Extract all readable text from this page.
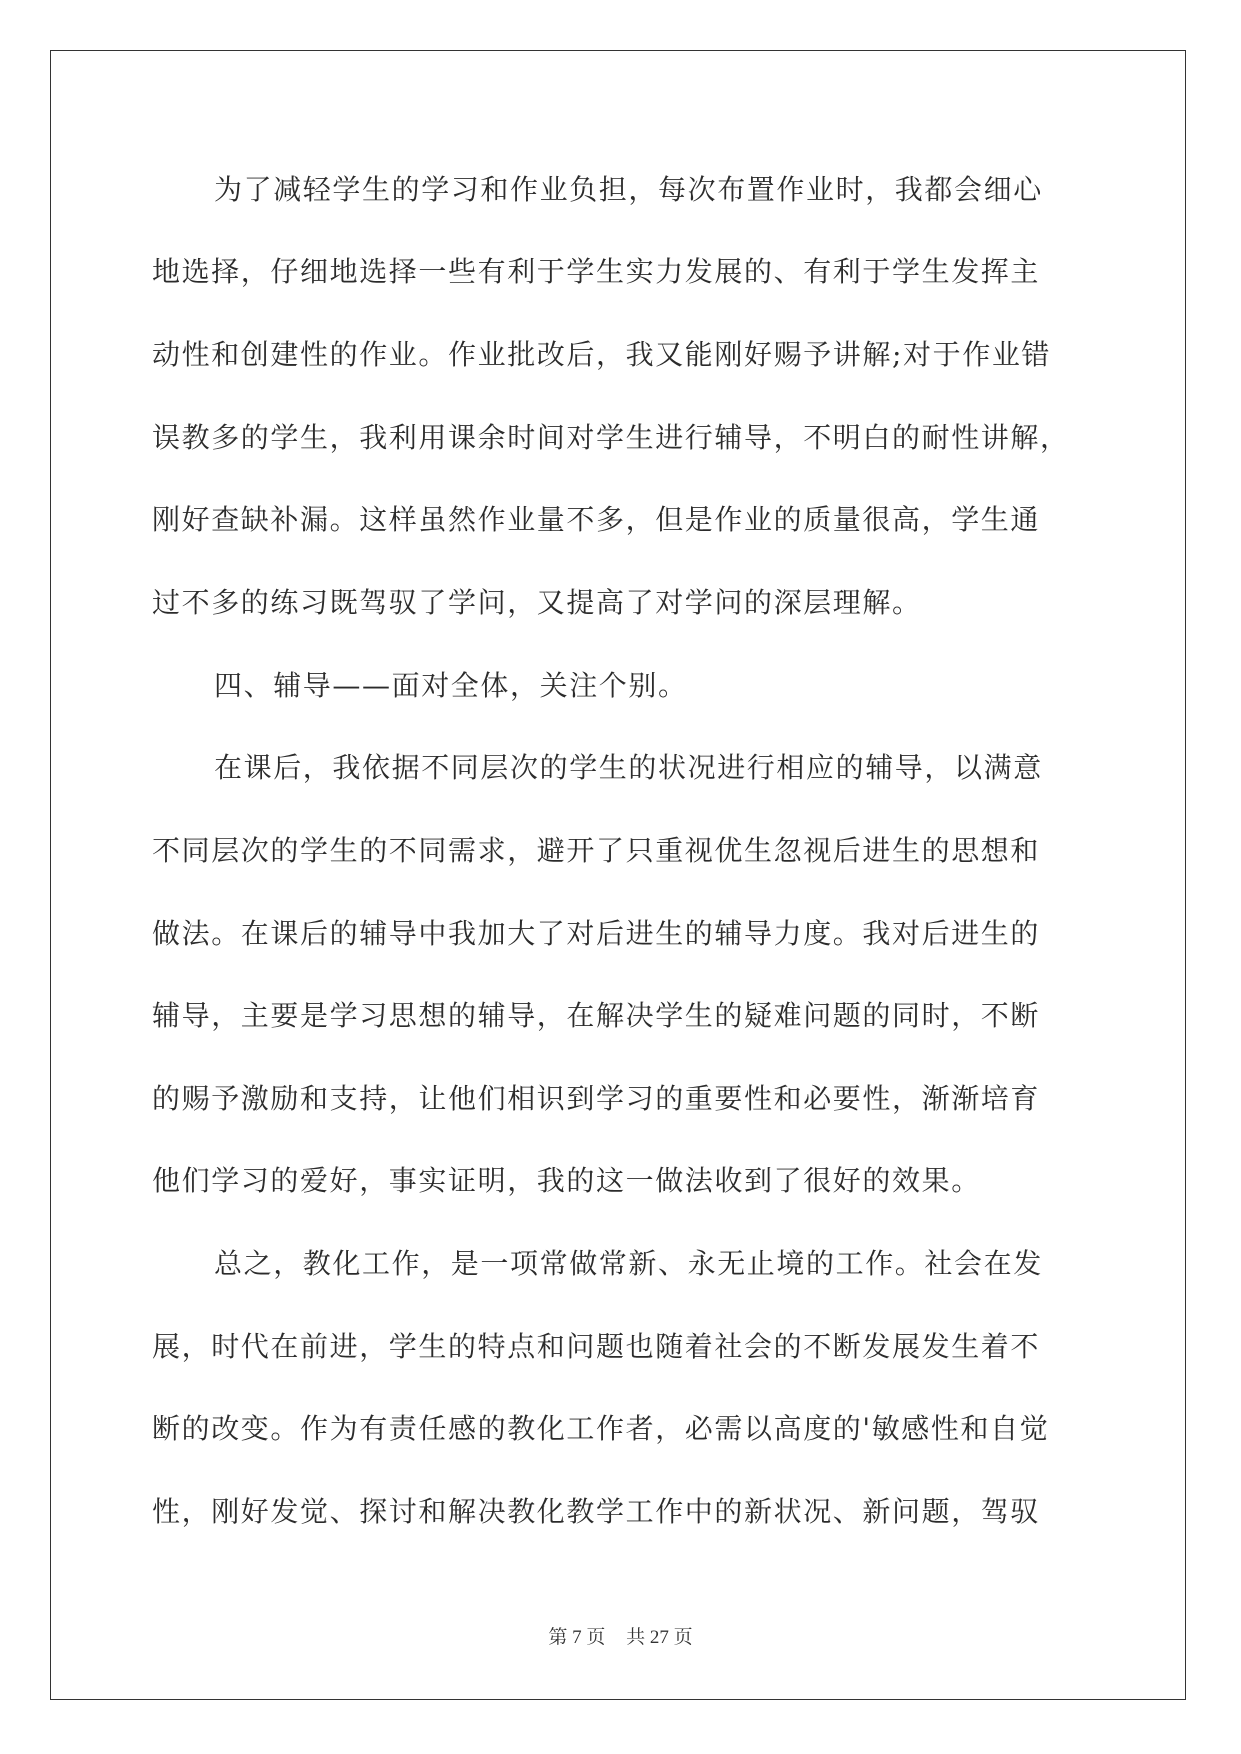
为了减轻学生的学习和作业负担，每次布置作业时，我都会细心
地选择，仔细地选择一些有利于学生实力发展的、有利于学生发挥主
动性和创建性的作业。作业批改后，我又能刚好赐予讲解;对于作业错
误教多的学生，我利用课余时间对学生进行辅导，不明白的耐性讲解，
刚好查缺补漏。这样虽然作业量不多，但是作业的质量很高，学生通
过不多的练习既驾驭了学问，又提高了对学问的深层理解。
四、辅导——面对全体，关注个别。
在课后，我依据不同层次的学生的状况进行相应的辅导，以满意
不同层次的学生的不同需求，避开了只重视优生忽视后进生的思想和
做法。在课后的辅导中我加大了对后进生的辅导力度。我对后进生的
辅导，主要是学习思想的辅导，在解决学生的疑难问题的同时，不断
的赐予激励和支持，让他们相识到学习的重要性和必要性，渐渐培育
他们学习的爱好，事实证明，我的这一做法收到了很好的效果。
总之，教化工作，是一项常做常新、永无止境的工作。社会在发
展，时代在前进，学生的特点和问题也随着社会的不断发展发生着不
断的改变。作为有责任感的教化工作者，必需以高度的'敏感性和自觉
性，刚好发觉、探讨和解决教化教学工作中的新状况、新问题，驾驭
第 7 页 共 27 页
